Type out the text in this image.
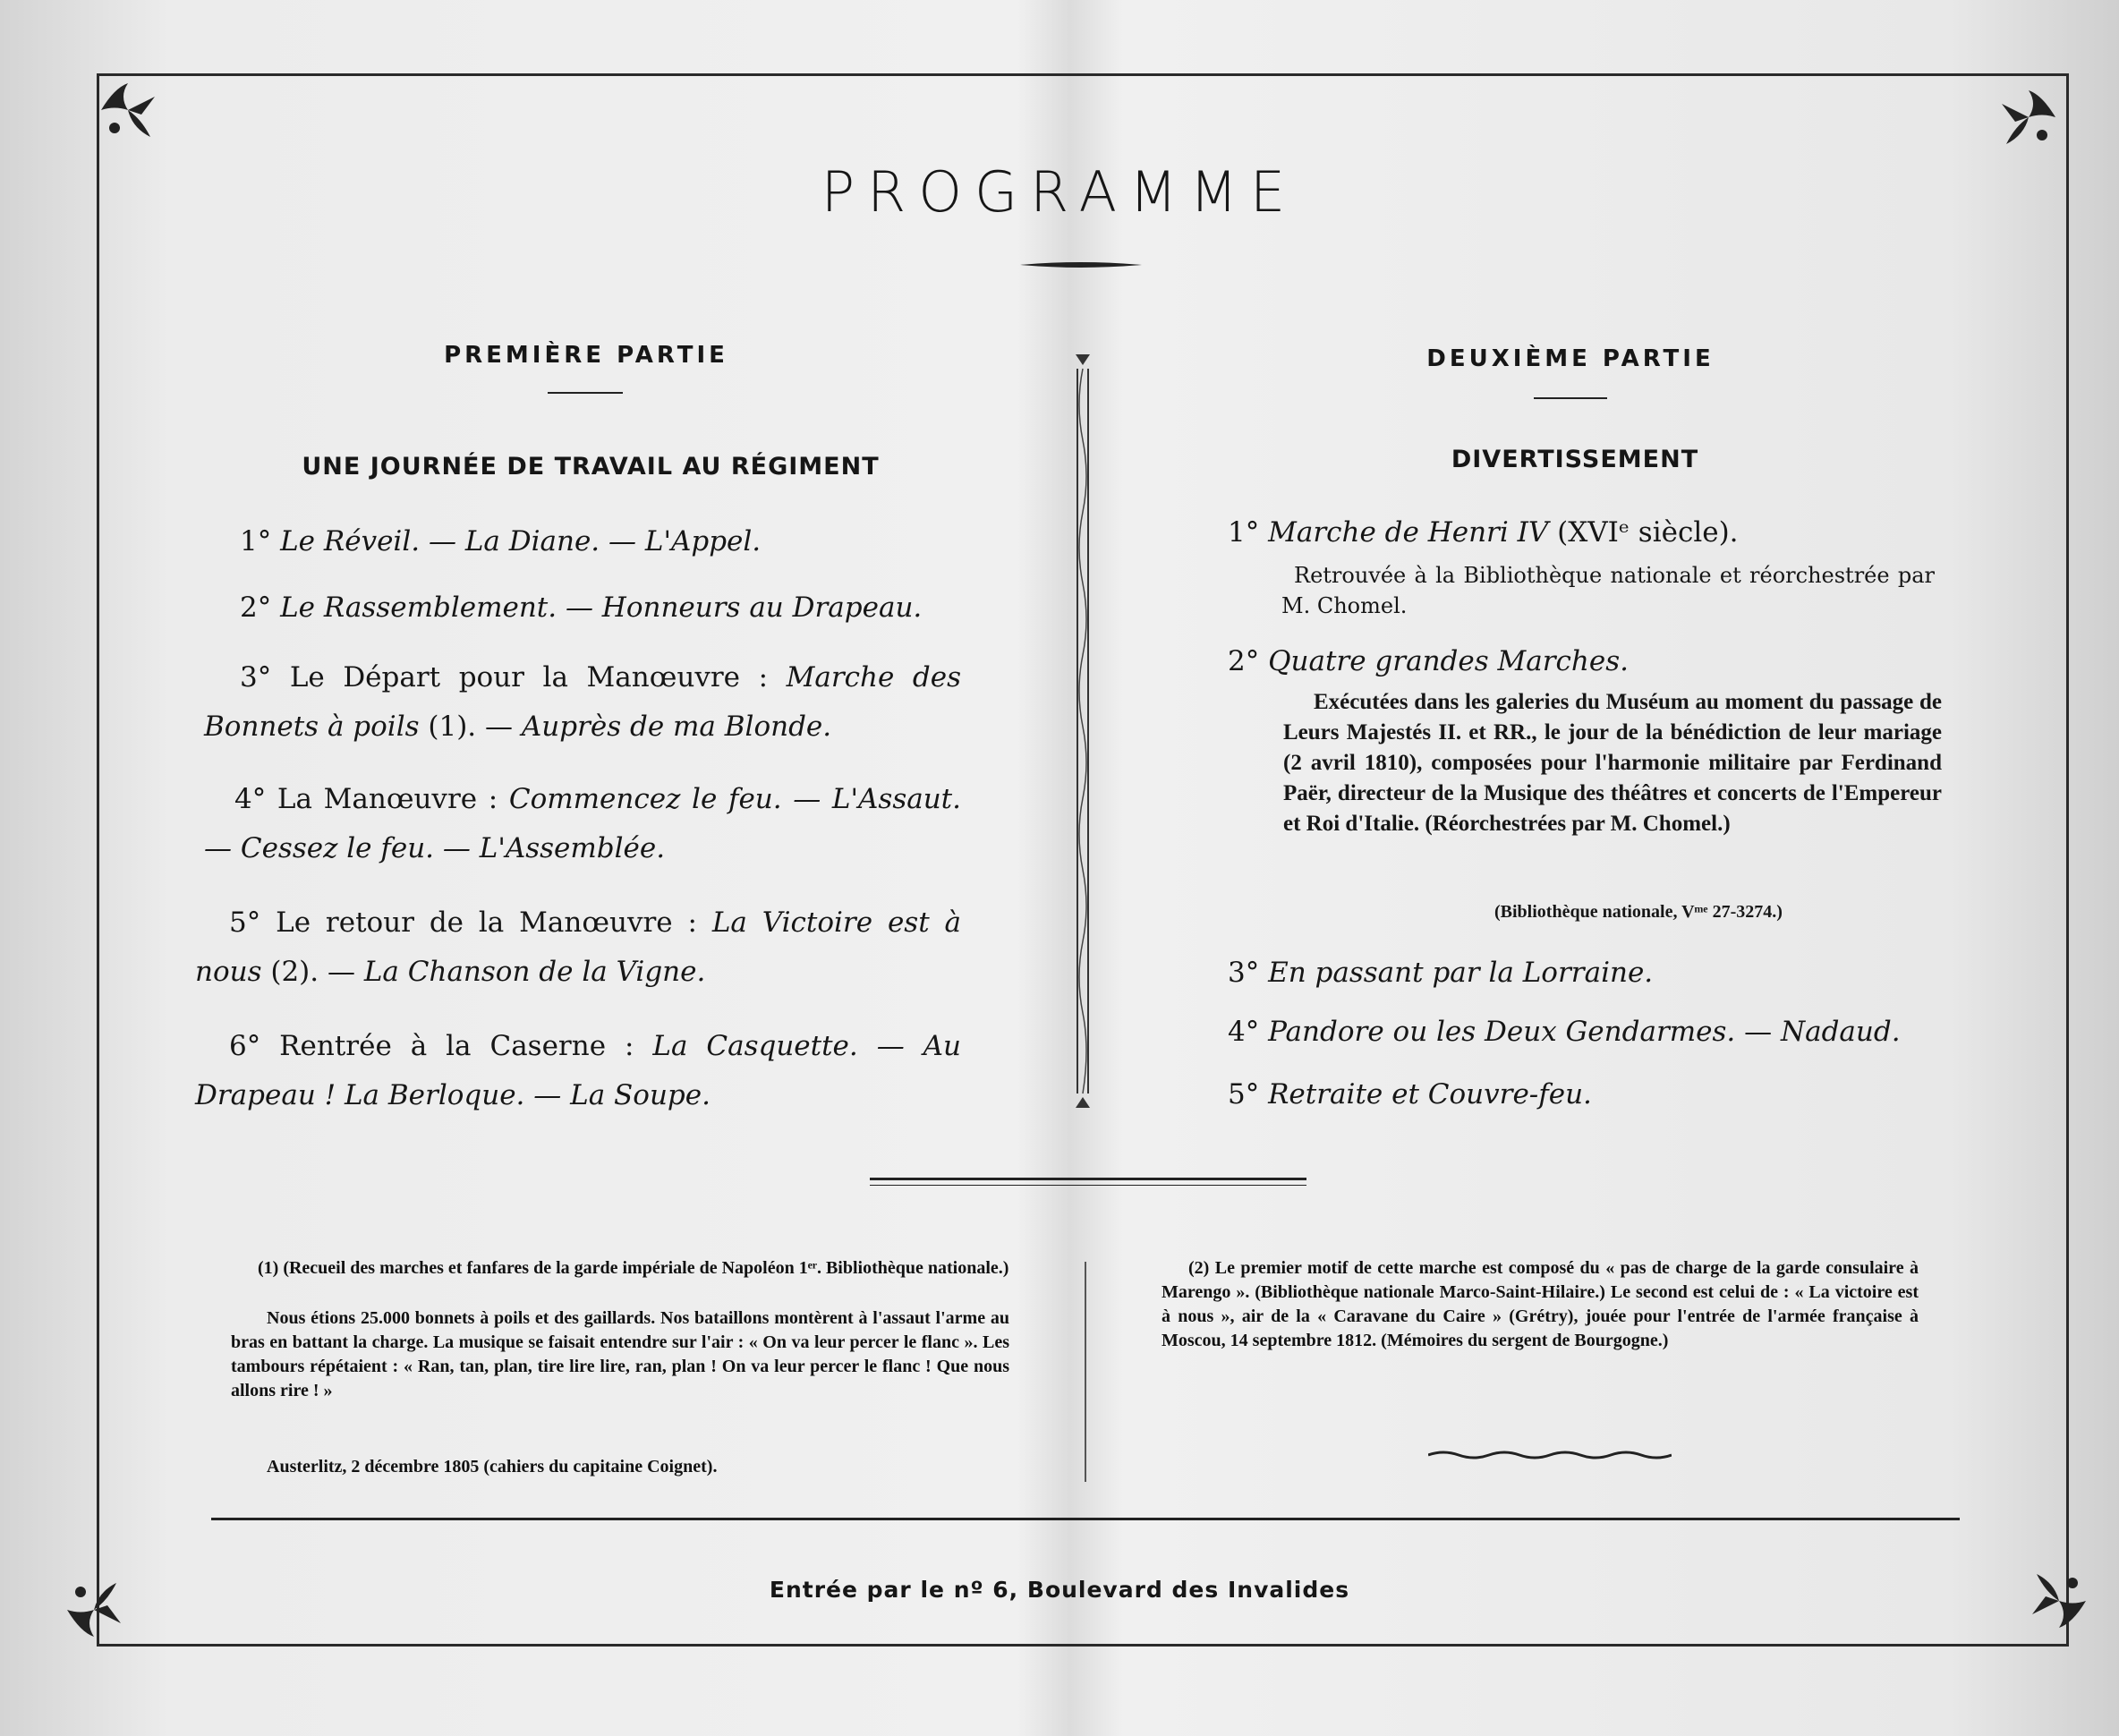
PROGRAMME
PREMIÈRE PARTIE
UNE JOURNÉE DE TRAVAIL AU RÉGIMENT
1° Le Réveil. — La Diane. — L'Appel.
2° Le Rassemblement. — Honneurs au Drapeau.
3° Le Départ pour la Manœuvre : Marche des Bonnets à poils (1). — Auprès de ma Blonde.
4° La Manœuvre : Commencez le feu. — L'Assaut. — Cessez le feu. — L'Assemblée.
5° Le retour de la Manœuvre : La Victoire est à nous (2). — La Chanson de la Vigne.
6° Rentrée à la Caserne : La Casquette. — Au Drapeau ! La Berloque. — La Soupe.
DEUXIÈME PARTIE
DIVERTISSEMENT
1° Marche de Henri IV (XVIᵉ siècle).
Retrouvée à la Bibliothèque nationale et réorchestrée par M. Chomel.
2° Quatre grandes Marches.
Exécutées dans les galeries du Muséum au moment du passage de Leurs Majestés II. et RR., le jour de la bénédiction de leur mariage (2 avril 1810), composées pour l'harmonie militaire par Ferdinand Paër, directeur de la Musique des théâtres et concerts de l'Empereur et Roi d'Italie. (Réorchestrées par M. Chomel.)
(Bibliothèque nationale, Vᵐᵉ 27-3274.)
3° En passant par la Lorraine.
4° Pandore ou les Deux Gendarmes. — Nadaud.
5° Retraite et Couvre-feu.
(1) (Recueil des marches et fanfares de la garde impériale de Napoléon 1ᵉʳ. Bibliothèque nationale.)
Nous étions 25.000 bonnets à poils et des gaillards. Nos bataillons montèrent à l'assaut l'arme au bras en battant la charge. La musique se faisait entendre sur l'air : « On va leur percer le flanc ». Les tambours répétaient : « Ran, tan, plan, tire lire lire, ran, plan ! On va leur percer le flanc ! Que nous allons rire ! »
Austerlitz, 2 décembre 1805 (cahiers du capitaine Coignet).
(2) Le premier motif de cette marche est composé du « pas de charge de la garde consulaire à Marengo ». (Bibliothèque nationale Marco-Saint-Hilaire.) Le second est celui de : « La victoire est à nous », air de la « Caravane du Caire » (Grétry), jouée pour l'entrée de l'armée française à Moscou, 14 septembre 1812. (Mémoires du sergent de Bourgogne.)
Entrée par le nº 6, Boulevard des Invalides
